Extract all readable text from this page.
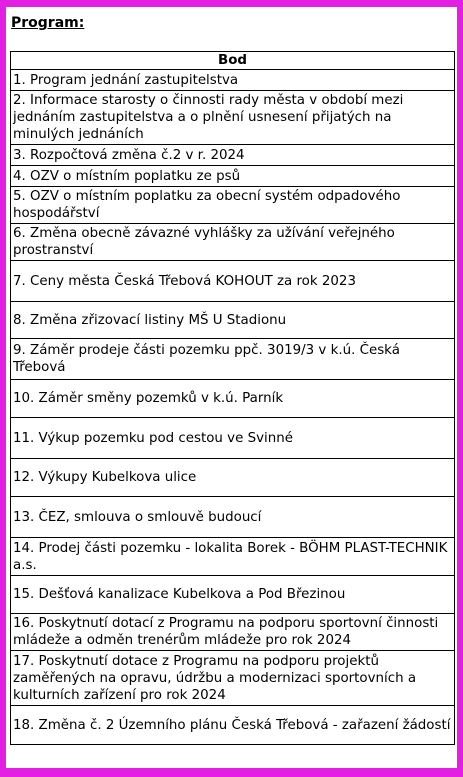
Program:

Bod
1. Program jednání zastupitelstva
2. Informace starosty o činnosti rady města v období mezi jednáním zastupitelstva a o plnění usnesení přijatých na minulých jednáních
3. Rozpočtová změna č.2 v r. 2024
4. OZV o místním poplatku ze psů
5. OZV o místním poplatku za obecní systém odpadového hospodářství
6. Změna obecně závazné vyhlášky za užívání veřejného prostranství
7. Ceny města Česká Třebová KOHOUT za rok 2023
8. Změna zřizovací listiny MŠ U Stadionu
9. Záměr prodeje části pozemku ppč. 3019/3 v k.ú. Česká Třebová
10. Záměr směny pozemků v k.ú. Parník
11. Výkup pozemku pod cestou ve Svinné
12. Výkupy Kubelkova ulice
13. ČEZ, smlouva o smlouvě budoucí
14. Prodej části pozemku - lokalita Borek - BÖHM PLAST-TECHNIK a.s.
15. Dešťová kanalizace Kubelkova a Pod Březinou
16. Poskytnutí dotací z Programu na podporu sportovní činnosti mládeže a odměn trenérům mládeže pro rok 2024
17. Poskytnutí dotace z Programu na podporu projektů zaměřených na opravu, údržbu a modernizaci sportovních a kulturních zařízení pro rok 2024
18. Změna č. 2 Územního plánu Česká Třebová - zařazení žádostí
